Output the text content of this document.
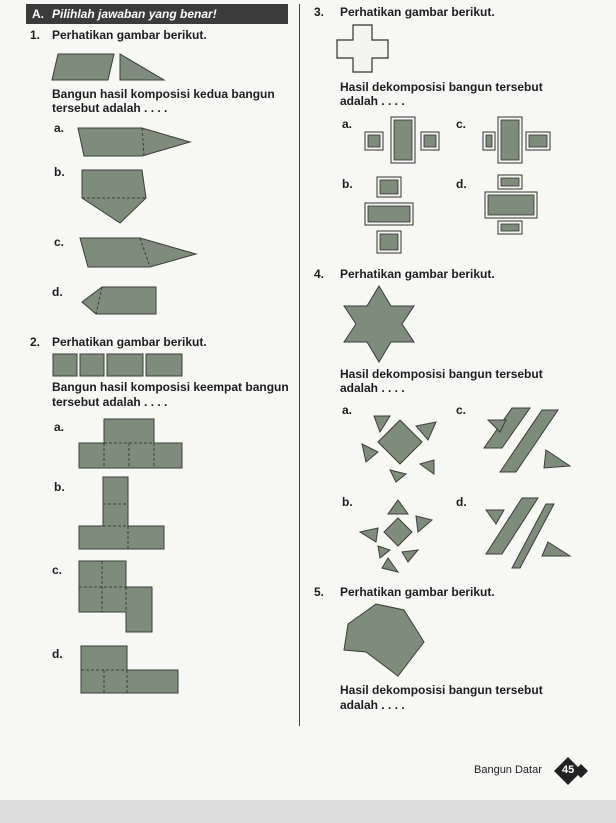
A. Pilihlah jawaban yang benar!
1. Perhatikan gambar berikut.
Bangun hasil komposisi kedua bangun
tersebut adalah . . . .
a.
b.
c.
d.
2. Perhatikan gambar berikut.
Bangun hasil komposisi keempat bangun
tersebut adalah . . . .
a.
b.
c.
d.
3. Perhatikan gambar berikut.
Hasil dekomposisi bangun tersebut
adalah . . . .
a.	c.
b.	d.
4. Perhatikan gambar berikut.
Hasil dekomposisi bangun tersebut
adalah . . . .
a.	c.
b.	d.
5. Perhatikan gambar berikut.
Hasil dekomposisi bangun tersebut
adalah . . . .
Bangun Datar 45
